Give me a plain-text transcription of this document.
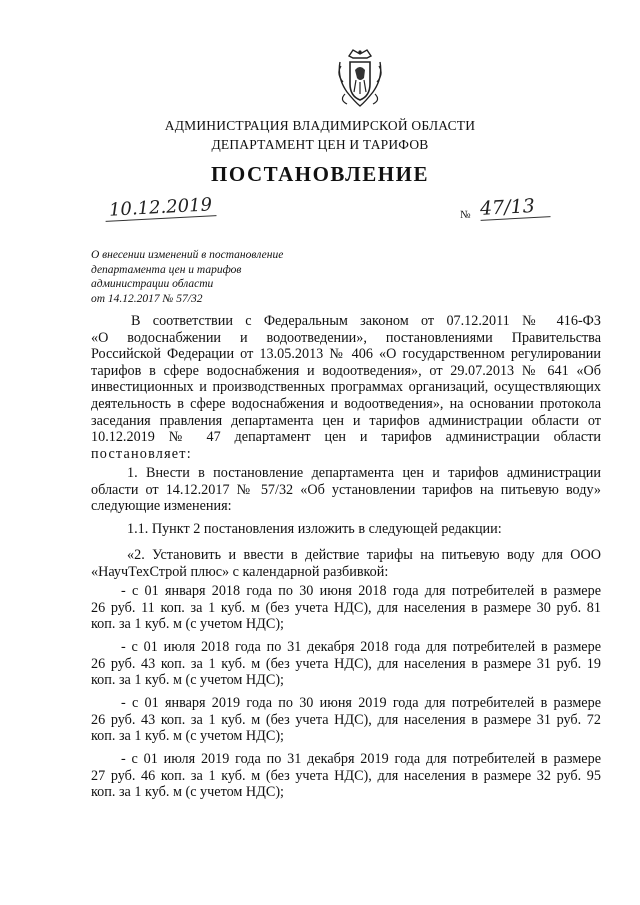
АДМИНИСТРАЦИЯ ВЛАДИМИРСКОЙ ОБЛАСТИ
ДЕПАРТАМЕНТ ЦЕН И ТАРИФОВ
ПОСТАНОВЛЕНИЕ
10.12.2019	№ 47/13
О внесении изменений в постановление
департамента цен и тарифов
администрации области
от 14.12.2017 № 57/32
В соответствии с Федеральным законом от 07.12.2011 № 416-ФЗ
«О водоснабжении и водоотведении», постановлениями Правительства
Российской Федерации от 13.05.2013 № 406 «О государственном регулировании
тарифов в сфере водоснабжения и водоотведения», от 29.07.2013 № 641 «Об
инвестиционных и производственных программах организаций, осуществляющих
деятельность в сфере водоснабжения и водоотведения», на основании протокола
заседания правления департамента цен и тарифов администрации области от
10.12.2019 № 47 департамент цен и тарифов администрации области
постановляет:
1. Внести в постановление департамента цен и тарифов администрации
области от 14.12.2017 № 57/32 «Об установлении тарифов на питьевую воду»
следующие изменения:
1.1. Пункт 2 постановления изложить в следующей редакции:
«2. Установить и ввести в действие тарифы на питьевую воду для ООО
«НаучТехСтрой плюс» с календарной разбивкой:
- с 01 января 2018 года по 30 июня 2018 года для потребителей в размере
26 руб. 11 коп. за 1 куб. м (без учета НДС), для населения в размере 30 руб. 81
коп. за 1 куб. м (с учетом НДС);
- с 01 июля 2018 года по 31 декабря 2018 года для потребителей в размере
26 руб. 43 коп. за 1 куб. м (без учета НДС), для населения в размере 31 руб. 19
коп. за 1 куб. м (с учетом НДС);
- с 01 января 2019 года по 30 июня 2019 года для потребителей в размере
26 руб. 43 коп. за 1 куб. м (без учета НДС), для населения в размере 31 руб. 72
коп. за 1 куб. м (с учетом НДС);
- с 01 июля 2019 года по 31 декабря 2019 года для потребителей в размере
27 руб. 46 коп. за 1 куб. м (без учета НДС), для населения в размере 32 руб. 95
коп. за 1 куб. м (с учетом НДС);
